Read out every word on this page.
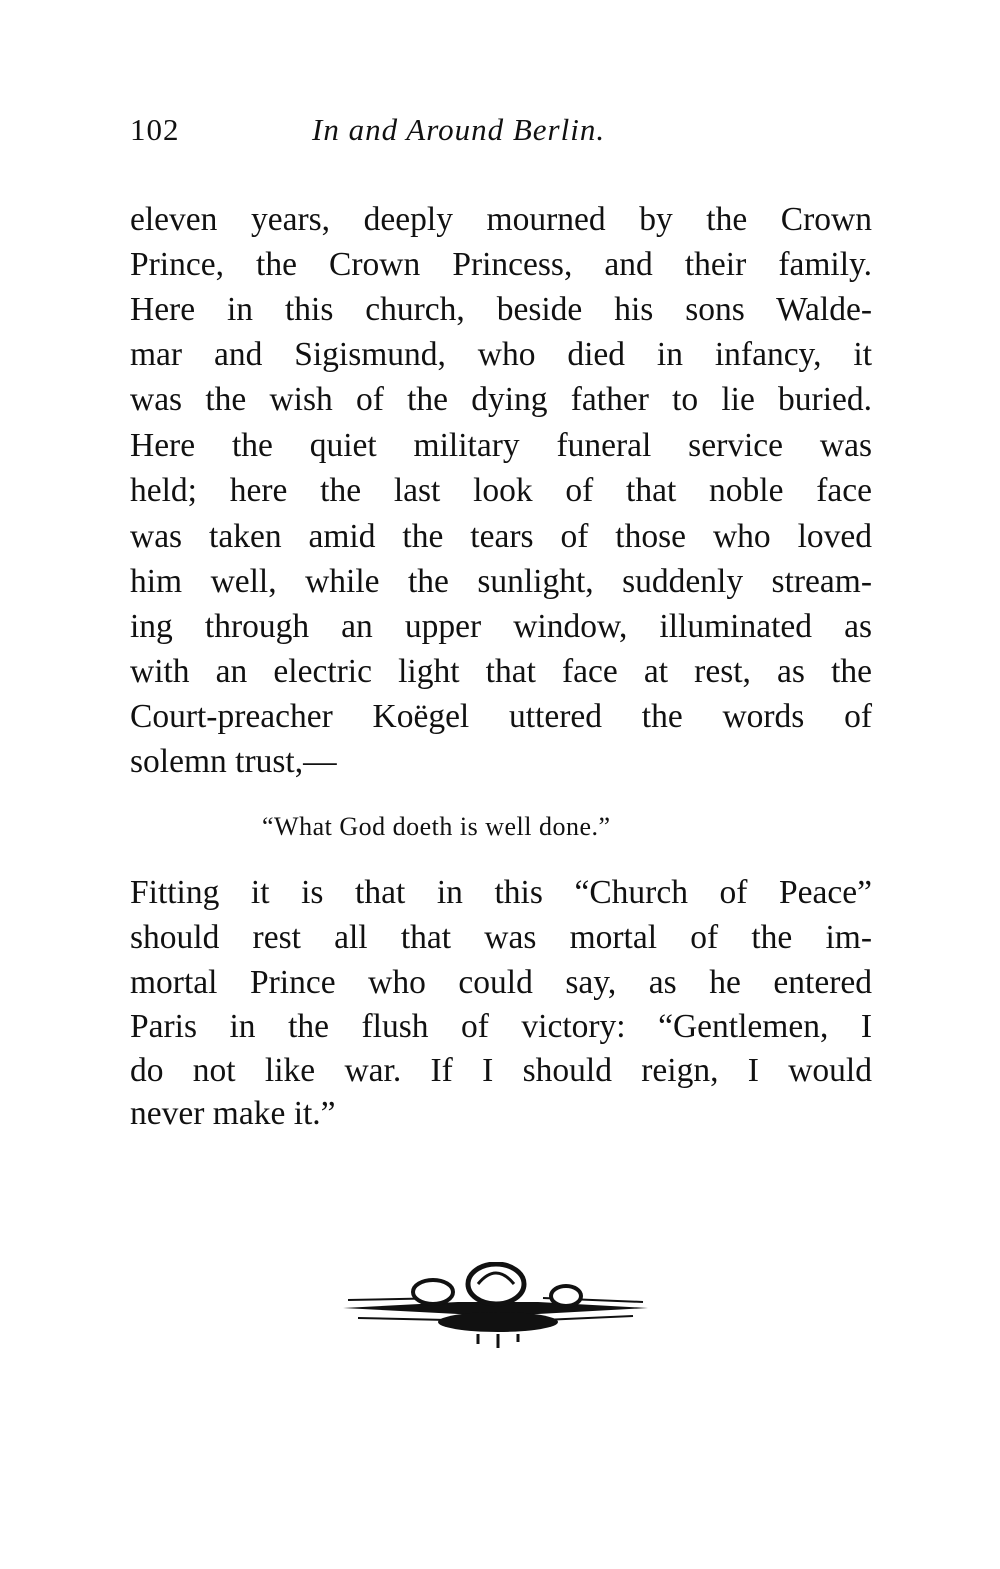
102	In and Around Berlin.
eleven years, deeply mourned by the Crown
Prince, the Crown Princess, and their family.
Here in this church, beside his sons Walde-
mar and Sigismund, who died in infancy, it
was the wish of the dying father to lie buried.
Here the quiet military funeral service was
held; here the last look of that noble face
was taken amid the tears of those who loved
him well, while the sunlight, suddenly stream-
ing through an upper window, illuminated as
with an electric light that face at rest, as the
Court-preacher Koëgel uttered the words of
solemn trust,—
“What God doeth is well done.”
Fitting it is that in this “Church of Peace”
should rest all that was mortal of the im-
mortal Prince who could say, as he entered
Paris in the flush of victory: “Gentlemen, I
do not like war. If I should reign, I would
never make it.”
